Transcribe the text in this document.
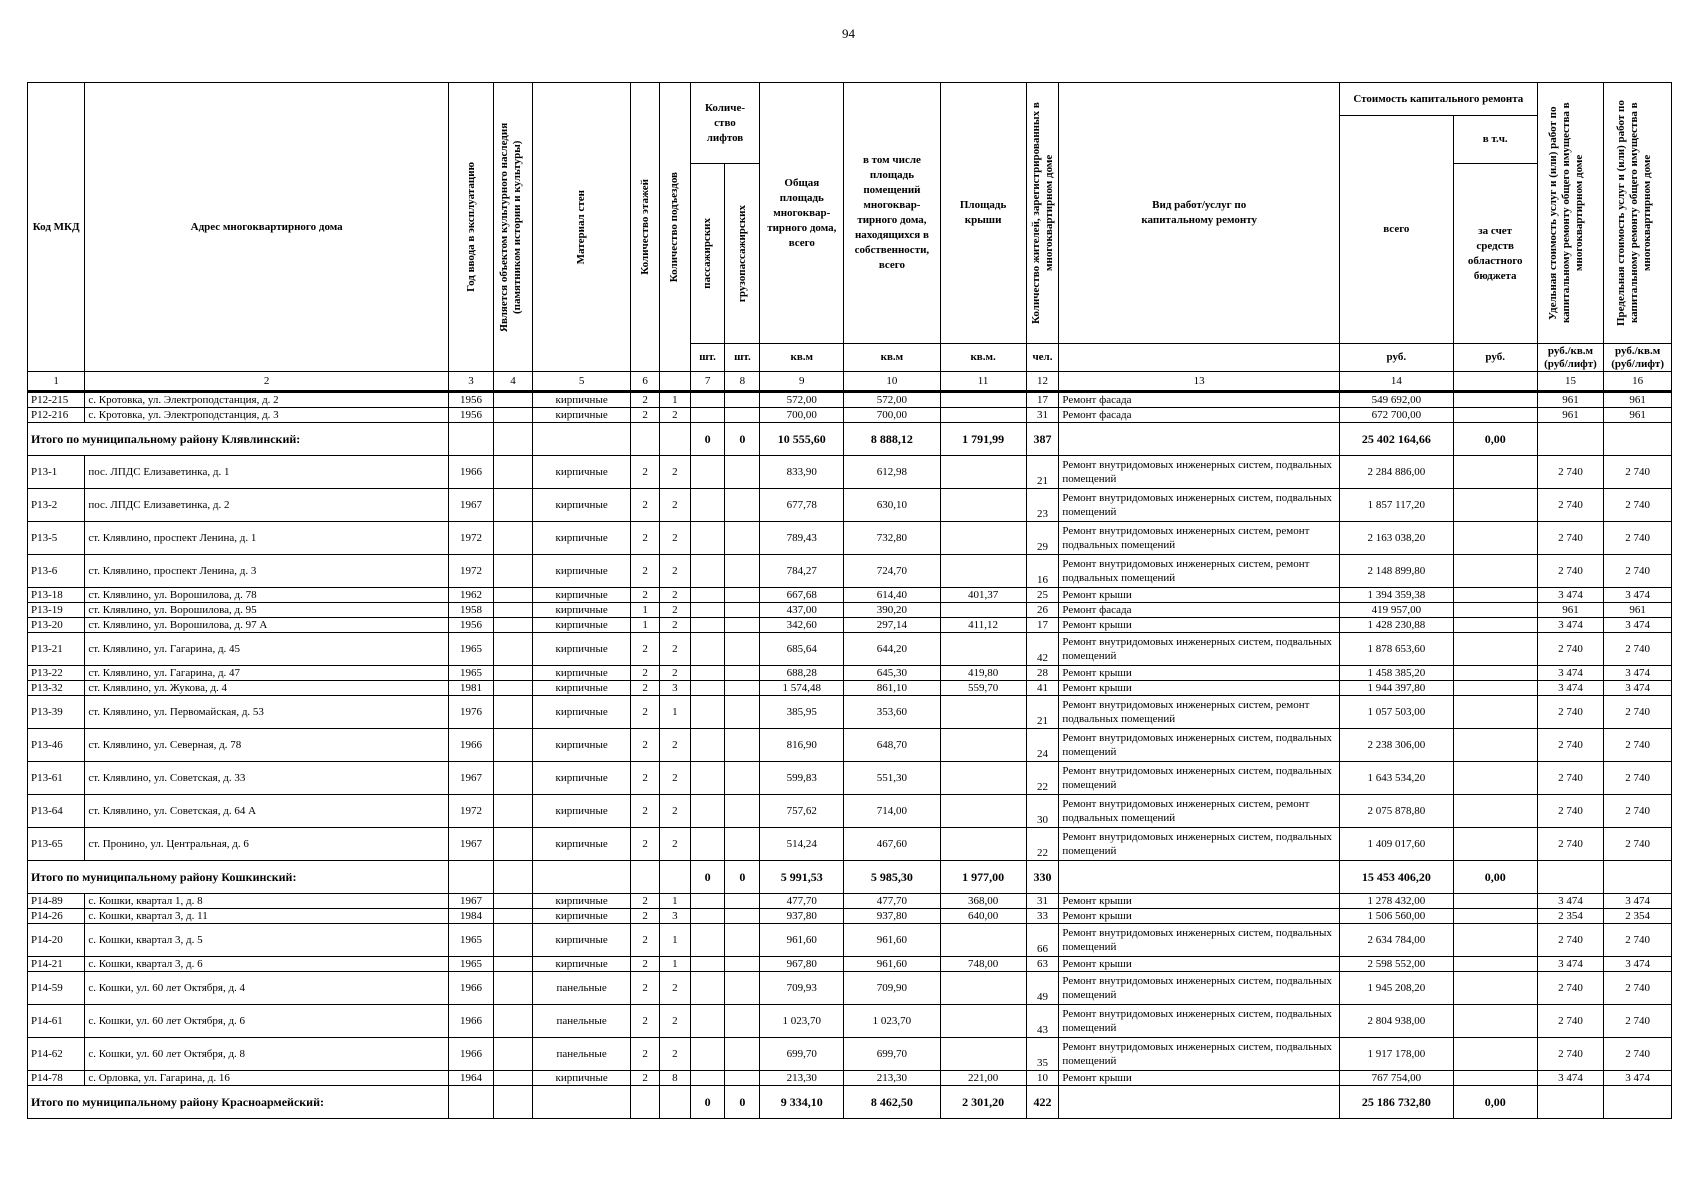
94
Код МКД	Адрес многоквартирного дома	Год ввода в эксплуатацию	Является объектом культурного наследия (памятником истории и культуры)	Материал стен	Количество этажей	Количество подъездов	Количе-ство лифтов		Общая площадь многоквар-тирного дома, всего	в том числе площадь помещений многоквар-тирного дома, находящихся в собственности, всего	Площадь крыши	Количество жителей, зарегистрированных в многоквартирном доме	Вид работ/услуг по капитальному ремонту	Стоимость капитального ремонта		Удельная стоимость услуг и (или) работ по капитальному ремонту общего имущества в многоквартирном доме	Предельная стоимость услуг и (или) работ по капитальному ремонту общего имущества в многоквартирном доме

														всего	в т.ч.		

							пассажирских	грузопассажирских							за счет средств областного бюджета		
							шт.	шт.	кв.м	кв.м	кв.м.	чел.		руб.	руб.	руб./кв.м (руб/лифт)	руб./кв.м (руб/лифт)
1	2	3	4	5	6		7	8	9	10	11	12	13	14		15	16
Р12-215	с. Кротовка, ул. Электроподстанция, д. 2	1956		кирпичные	2	1			572,00	572,00		17	Ремонт фасада	549 692,00		961	961
Р12-216	с. Кротовка, ул. Электроподстанция, д. 3	1956		кирпичные	2	2			700,00	700,00		31	Ремонт фасада	672 700,00		961	961
Итого по муниципальному району Клявлинский:							0	0	10 555,60	8 888,12	1 791,99	387		25 402 164,66	0,00		
Р13-1	пос. ЛПДС Елизаветинка, д. 1	1966		кирпичные	2	2			833,90	612,98		21	Ремонт внутридомовых инженерных систем, подвальных помещений	2 284 886,00		2 740	2 740
Р13-2	пос. ЛПДС Елизаветинка, д. 2	1967		кирпичные	2	2			677,78	630,10		23	Ремонт внутридомовых инженерных систем, подвальных помещений	1 857 117,20		2 740	2 740
Р13-5	ст. Клявлино, проспект Ленина, д. 1	1972		кирпичные	2	2			789,43	732,80		29	Ремонт внутридомовых инженерных систем, ремонт подвальных помещений	2 163 038,20		2 740	2 740
Р13-6	ст. Клявлино, проспект Ленина, д. 3	1972		кирпичные	2	2			784,27	724,70		16	Ремонт внутридомовых инженерных систем, ремонт подвальных помещений	2 148 899,80		2 740	2 740
Р13-18	ст. Клявлино, ул. Ворошилова, д. 78	1962		кирпичные	2	2			667,68	614,40	401,37	25	Ремонт крыши	1 394 359,38		3 474	3 474
Р13-19	ст. Клявлино, ул. Ворошилова, д. 95	1958		кирпичные	1	2			437,00	390,20		26	Ремонт фасада	419 957,00		961	961
Р13-20	ст. Клявлино, ул. Ворошилова, д. 97 А	1956		кирпичные	1	2			342,60	297,14	411,12	17	Ремонт крыши	1 428 230,88		3 474	3 474
Р13-21	ст. Клявлино, ул. Гагарина, д. 45	1965		кирпичные	2	2			685,64	644,20		42	Ремонт внутридомовых инженерных систем, подвальных помещений	1 878 653,60		2 740	2 740
Р13-22	ст. Клявлино, ул. Гагарина, д. 47	1965		кирпичные	2	2			688,28	645,30	419,80	28	Ремонт крыши	1 458 385,20		3 474	3 474
Р13-32	ст. Клявлино, ул. Жукова, д. 4	1981		кирпичные	2	3			1 574,48	861,10	559,70	41	Ремонт крыши	1 944 397,80		3 474	3 474
Р13-39	ст. Клявлино, ул. Первомайская, д. 53	1976		кирпичные	2	1			385,95	353,60		21	Ремонт внутридомовых инженерных систем, ремонт подвальных помещений	1 057 503,00		2 740	2 740
Р13-46	ст. Клявлино, ул. Северная, д. 78	1966		кирпичные	2	2			816,90	648,70		24	Ремонт внутридомовых инженерных систем, подвальных помещений	2 238 306,00		2 740	2 740
Р13-61	ст. Клявлино, ул. Советская, д. 33	1967		кирпичные	2	2			599,83	551,30		22	Ремонт внутридомовых инженерных систем, подвальных помещений	1 643 534,20		2 740	2 740
Р13-64	ст. Клявлино, ул. Советская, д. 64 А	1972		кирпичные	2	2			757,62	714,00		30	Ремонт внутридомовых инженерных систем, ремонт подвальных помещений	2 075 878,80		2 740	2 740
Р13-65	ст. Пронино, ул. Центральная, д. 6	1967		кирпичные	2	2			514,24	467,60		22	Ремонт внутридомовых инженерных систем, подвальных помещений	1 409 017,60		2 740	2 740
Итого по муниципальному району Кошкинский:							0	0	5 991,53	5 985,30	1 977,00	330		15 453 406,20	0,00		
Р14-89	с. Кошки, квартал 1, д. 8	1967		кирпичные	2	1			477,70	477,70	368,00	31	Ремонт крыши	1 278 432,00		3 474	3 474
Р14-26	с. Кошки, квартал 3, д. 11	1984		кирпичные	2	3			937,80	937,80	640,00	33	Ремонт крыши	1 506 560,00		2 354	2 354
Р14-20	с. Кошки, квартал 3, д. 5	1965		кирпичные	2	1			961,60	961,60		66	Ремонт внутридомовых инженерных систем, подвальных помещений	2 634 784,00		2 740	2 740
Р14-21	с. Кошки, квартал 3, д. 6	1965		кирпичные	2	1			967,80	961,60	748,00	63	Ремонт крыши	2 598 552,00		3 474	3 474
Р14-59	с. Кошки, ул. 60 лет Октября, д. 4	1966		панельные	2	2			709,93	709,90		49	Ремонт внутридомовых инженерных систем, подвальных помещений	1 945 208,20		2 740	2 740
Р14-61	с. Кошки, ул. 60 лет Октября, д. 6	1966		панельные	2	2			1 023,70	1 023,70		43	Ремонт внутридомовых инженерных систем, подвальных помещений	2 804 938,00		2 740	2 740
Р14-62	с. Кошки, ул. 60 лет Октября, д. 8	1966		панельные	2	2			699,70	699,70		35	Ремонт внутридомовых инженерных систем, подвальных помещений	1 917 178,00		2 740	2 740
Р14-78	с. Орловка, ул. Гагарина, д. 16	1964		кирпичные	2	8			213,30	213,30	221,00	10	Ремонт крыши	767 754,00		3 474	3 474
Итого по муниципальному району Красноармейский:							0	0	9 334,10	8 462,50	2 301,20	422		25 186 732,80	0,00		
